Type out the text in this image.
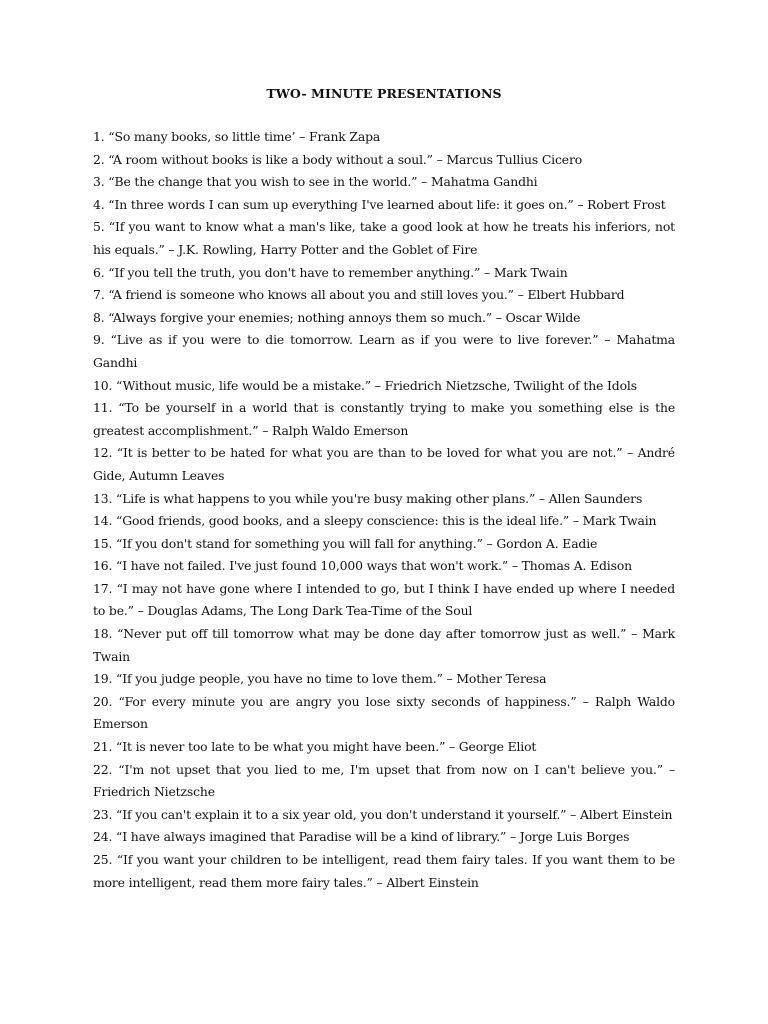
TWO- MINUTE PRESENTATIONS
1. “So many books, so little time’ – Frank Zapa
2. “A room without books is like a body without a soul.” – Marcus Tullius Cicero
3. “Be the change that you wish to see in the world.” – Mahatma Gandhi
4. “In three words I can sum up everything I've learned about life: it goes on.” – Robert Frost
5. “If you want to know what a man's like, take a good look at how he treats his inferiors, not his equals.” – J.K. Rowling, Harry Potter and the Goblet of Fire
6. “If you tell the truth, you don't have to remember anything.” – Mark Twain
7. “A friend is someone who knows all about you and still loves you.” – Elbert Hubbard
8. “Always forgive your enemies; nothing annoys them so much.” – Oscar Wilde
9. “Live as if you were to die tomorrow. Learn as if you were to live forever.” – Mahatma Gandhi
10. “Without music, life would be a mistake.” – Friedrich Nietzsche, Twilight of the Idols
11. “To be yourself in a world that is constantly trying to make you something else is the greatest accomplishment.” – Ralph Waldo Emerson
12. “It is better to be hated for what you are than to be loved for what you are not.” – André Gide, Autumn Leaves
13. “Life is what happens to you while you're busy making other plans.” – Allen Saunders
14. “Good friends, good books, and a sleepy conscience: this is the ideal life.” – Mark Twain
15. “If you don't stand for something you will fall for anything.” – Gordon A. Eadie
16. “I have not failed. I've just found 10,000 ways that won't work.” – Thomas A. Edison
17. “I may not have gone where I intended to go, but I think I have ended up where I needed to be.” – Douglas Adams, The Long Dark Tea-Time of the Soul
18. “Never put off till tomorrow what may be done day after tomorrow just as well.” – Mark Twain
19. “If you judge people, you have no time to love them.” – Mother Teresa
20. “For every minute you are angry you lose sixty seconds of happiness.” – Ralph Waldo Emerson
21. “It is never too late to be what you might have been.” – George Eliot
22. “I'm not upset that you lied to me, I'm upset that from now on I can't believe you.” – Friedrich Nietzsche
23. “If you can't explain it to a six year old, you don't understand it yourself.” – Albert Einstein
24. “I have always imagined that Paradise will be a kind of library.” – Jorge Luis Borges
25. “If you want your children to be intelligent, read them fairy tales. If you want them to be more intelligent, read them more fairy tales.” – Albert Einstein
